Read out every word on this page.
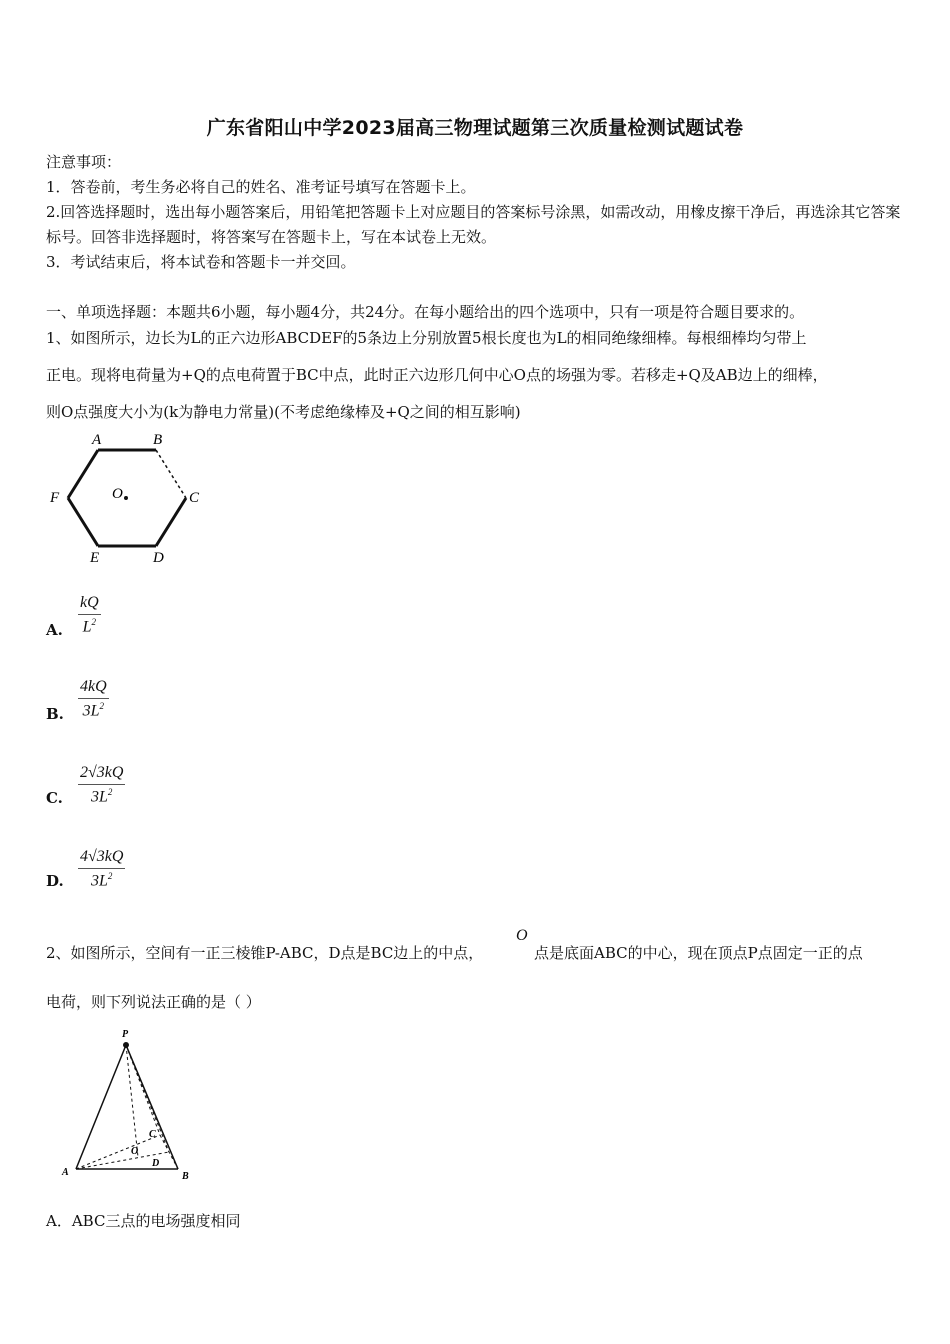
广东省阳山中学2023届高三物理试题第三次质量检测试题试卷
注意事项：
1．答卷前，考生务必将自己的姓名、准考证号填写在答题卡上。
2.回答选择题时，选出每小题答案后，用铅笔把答题卡上对应题目的答案标号涂黑，如需改动，用橡皮擦干净后，再选涂其它答案标号。回答非选择题时，将答案写在答题卡上，写在本试卷上无效。
3．考试结束后，将本试卷和答题卡一并交回。
一、单项选择题：本题共6小题，每小题4分，共24分。在每小题给出的四个选项中，只有一项是符合题目要求的。
1、如图所示，边长为L的正六边形ABCDEF的5条边上分别放置5根长度也为L的相同绝缘细棒。每根细棒均匀带上
正电。现将电荷量为+Q的点电荷置于BC中点，此时正六边形几何中心O点的场强为零。若移走+Q及AB边上的细棒，
则O点强度大小为(k为静电力常量)(不考虑绝缘棒及+Q之间的相互影响)
A	B
C
D
E
F	O
A.
kQ
$L^2$
B.
4kQ
$3L^2$
C.
2√3kQ
$3L^2$
D.
4√3kQ
$3L^2$
2、如图所示，空间有一正三棱锥P-ABC，D点是BC边上的中点，
O
点是底面ABC的中心，现在顶点P点固定一正的点
电荷，则下列说法正确的是（ ）
P
A	B
C
O
D
A．ABC三点的电场强度相同
